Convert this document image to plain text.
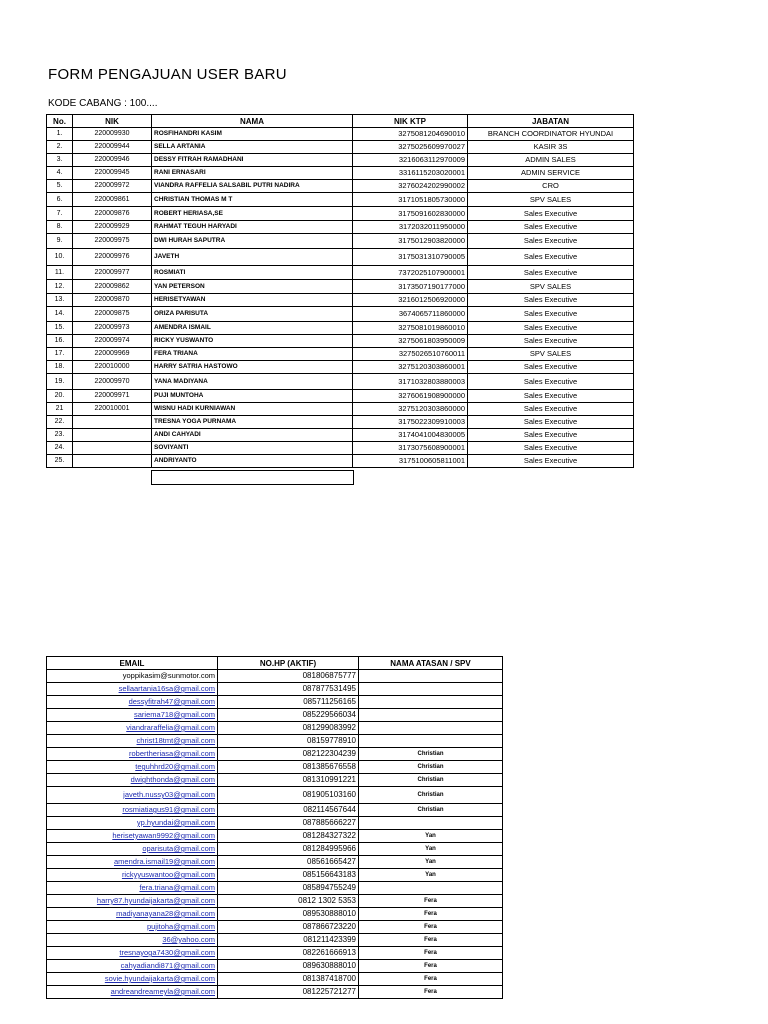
FORM PENGAJUAN USER BARU
KODE CABANG : 100....
No.	NIK	NAMA	NIK KTP	JABATAN
1.	220009930	ROSFIHANDRI KASIM	3275081204690010	BRANCH COORDINATOR HYUNDAI
2.	220009944	SELLA ARTANIA	3275025609970027	KASIR 3S
3.	220009946	DESSY FITRAH RAMADHANI	3216063112970009	ADMIN SALES
4.	220009945	RANI ERNASARI	3316115203020001	ADMIN SERVICE
5.	220009972	VIANDRA RAFFELIA SALSABIL PUTRI NADIRA	3276024202990002	CRO
6.	220009861	CHRISTIAN THOMAS M T	3171051805730000	SPV SALES
7.	220009876	ROBERT HERIASA,SE	3175091602830000	Sales Executive
8.	220009929	RAHMAT TEGUH HARYADI	3172032011950000	Sales Executive
9.	220009975	DWI HURAH SAPUTRA	3175012903820000	Sales Executive
10.	220009976	JAVETH	3175031310790005	Sales Executive
11.	220009977	ROSMIATI	7372025107900001	Sales Executive
12.	220009862	YAN PETERSON	3173507190177000	SPV SALES
13.	220009870	HERISETYAWAN	3216012506920000	Sales Executive
14.	220009875	ORIZA PARISUTA	3674065711860000	Sales Executive
15.	220009973	AMENDRA ISMAIL	3275081019860010	Sales Executive
16.	220009974	RICKY YUSWANTO	3275061803950009	Sales Executive
17.	220009969	FERA TRIANA	3275026510760011	SPV SALES
18.	220010000	HARRY SATRIA HASTOWO	3275120303860001	Sales Executive
19.	220009970	YANA MADIYANA	3171032803880003	Sales Executive
20.	220009971	PUJI MUNTOHA	3276061908900000	Sales Executive
21	220010001	WISNU HADI KURNIAWAN	3275120303860000	Sales Executive
22.		TRESNA YOGA PURNAMA	3175022309910003	Sales Executive
23.		ANDI CAHYADI	3174041004830005	Sales Executive
24.		SOVIYANTI	3173075608900001	Sales Executive
25.		ANDRIYANTO	3175100605811001	Sales Executive
EMAIL	NO.HP (AKTIF)	NAMA ATASAN / SPV
yoppikasim@sunmotor.com	081806875777	
sellaartania16sa@gmail.com	087877531495	
dessyfitrah47@gmail.com	085711256165	
sariema718@gmail.com	085229566034	
viandraraffelia@gmail.com	081299083992	
christ18tmt@gmail.com	08159778910	
robertheriasa@gmail.com	082122304239	Christian
teguhhrd20@gmail.com	081385676558	Christian
dwighthonda@gmail.com	081310991221	Christian
javeth.nussy03@gmail.com	081905103160	Christian
rosmiatiagus91@gmail.com	082114567644	Christian
yp.hyundai@gmail.com	087885666227	
herisetyawan9992@gmail.com	081284327322	Yan
oparisuta@gmail.com	081284995966	Yan
amendra.ismail19@gmail.com	08561665427	Yan
rickyyuswantoo@gmail.com	085156643183	Yan
fera.triana@gmail.com	085894755249	
harry87.hyundaijakarta@gmail.com	0812 1302 5353	Fera
madiyanayana28@gmail.com	089530888010	Fera
pujitoha@gmail.com	087866723220	Fera
36@yahoo.com	081211423399	Fera
tresnayoga7430@gmail.com	082261666913	Fera
cahyadiandi871@gmail.com	089630888010	Fera
sovie.hyundaijakarta@gmail.com	081387418700	Fera
andreandreameyla@gmail.com	081225721277	Fera
